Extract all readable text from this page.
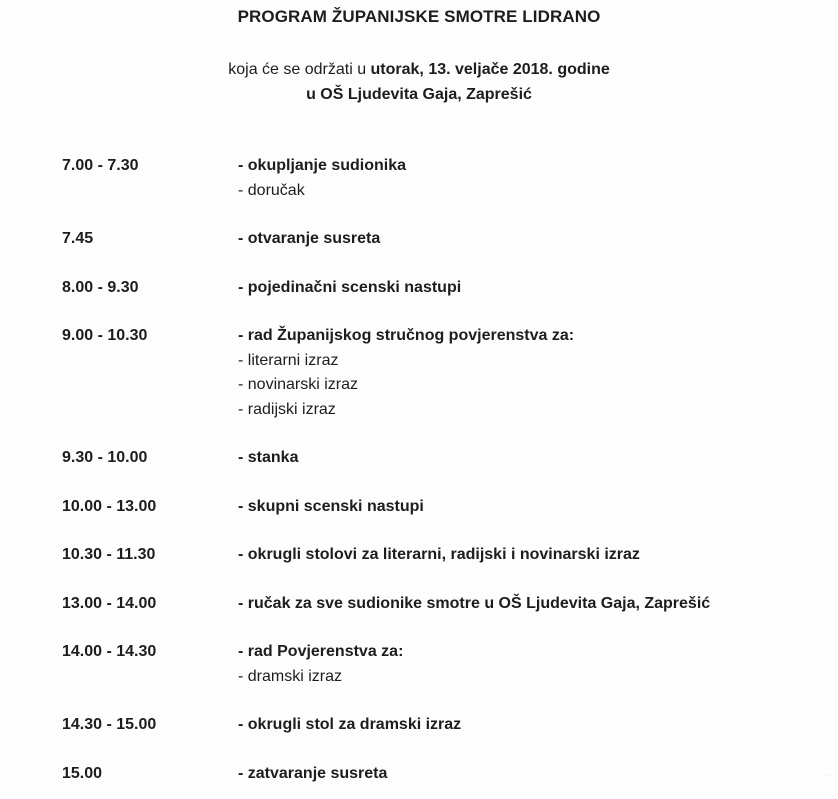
PROGRAM ŽUPANIJSKE SMOTRE LIDRANO
koja će se održati u utorak, 13. veljače 2018. godine
u OŠ Ljudevita Gaja, Zaprešić
7.00 - 7.30	- okupljanje sudionika
- doručak
7.45	- otvaranje susreta
8.00 - 9.30	- pojedinačni scenski nastupi
9.00 - 10.30	- rad Županijskog stručnog povjerenstva za:
- literarni izraz
- novinarski izraz
- radijski izraz
9.30 - 10.00	- stanka
10.00 - 13.00	- skupni scenski nastupi
10.30 - 11.30	- okrugli stolovi za literarni, radijski i novinarski izraz
13.00 - 14.00	- ručak za sve sudionike smotre u OŠ Ljudevita Gaja, Zaprešić
14.00 - 14.30	- rad Povjerenstva za:
- dramski izraz
14.30 - 15.00	- okrugli stol za dramski izraz
15.00	- zatvaranje susreta	· ·
